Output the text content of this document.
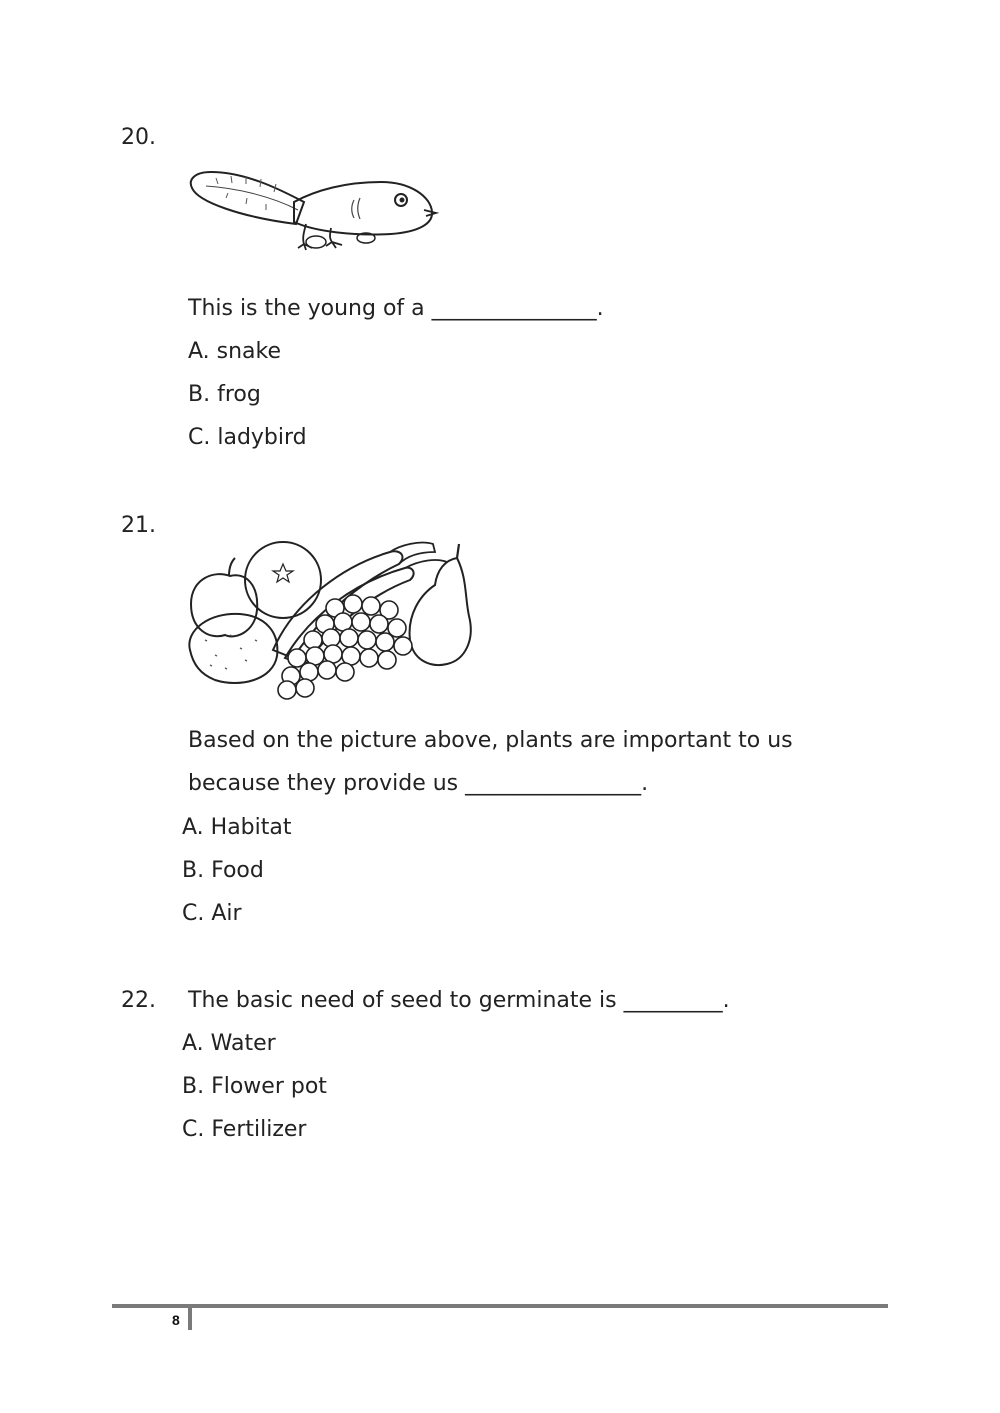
20.
This is the young of a _______________.
A. snake
B. frog
C. ladybird
21.
Based on the picture above, plants are important to us
because they provide us ________________.
A. Habitat
B. Food
C. Air
22. The basic need of seed to germinate is _________.
A. Water
B. Flower pot
C. Fertilizer
8
